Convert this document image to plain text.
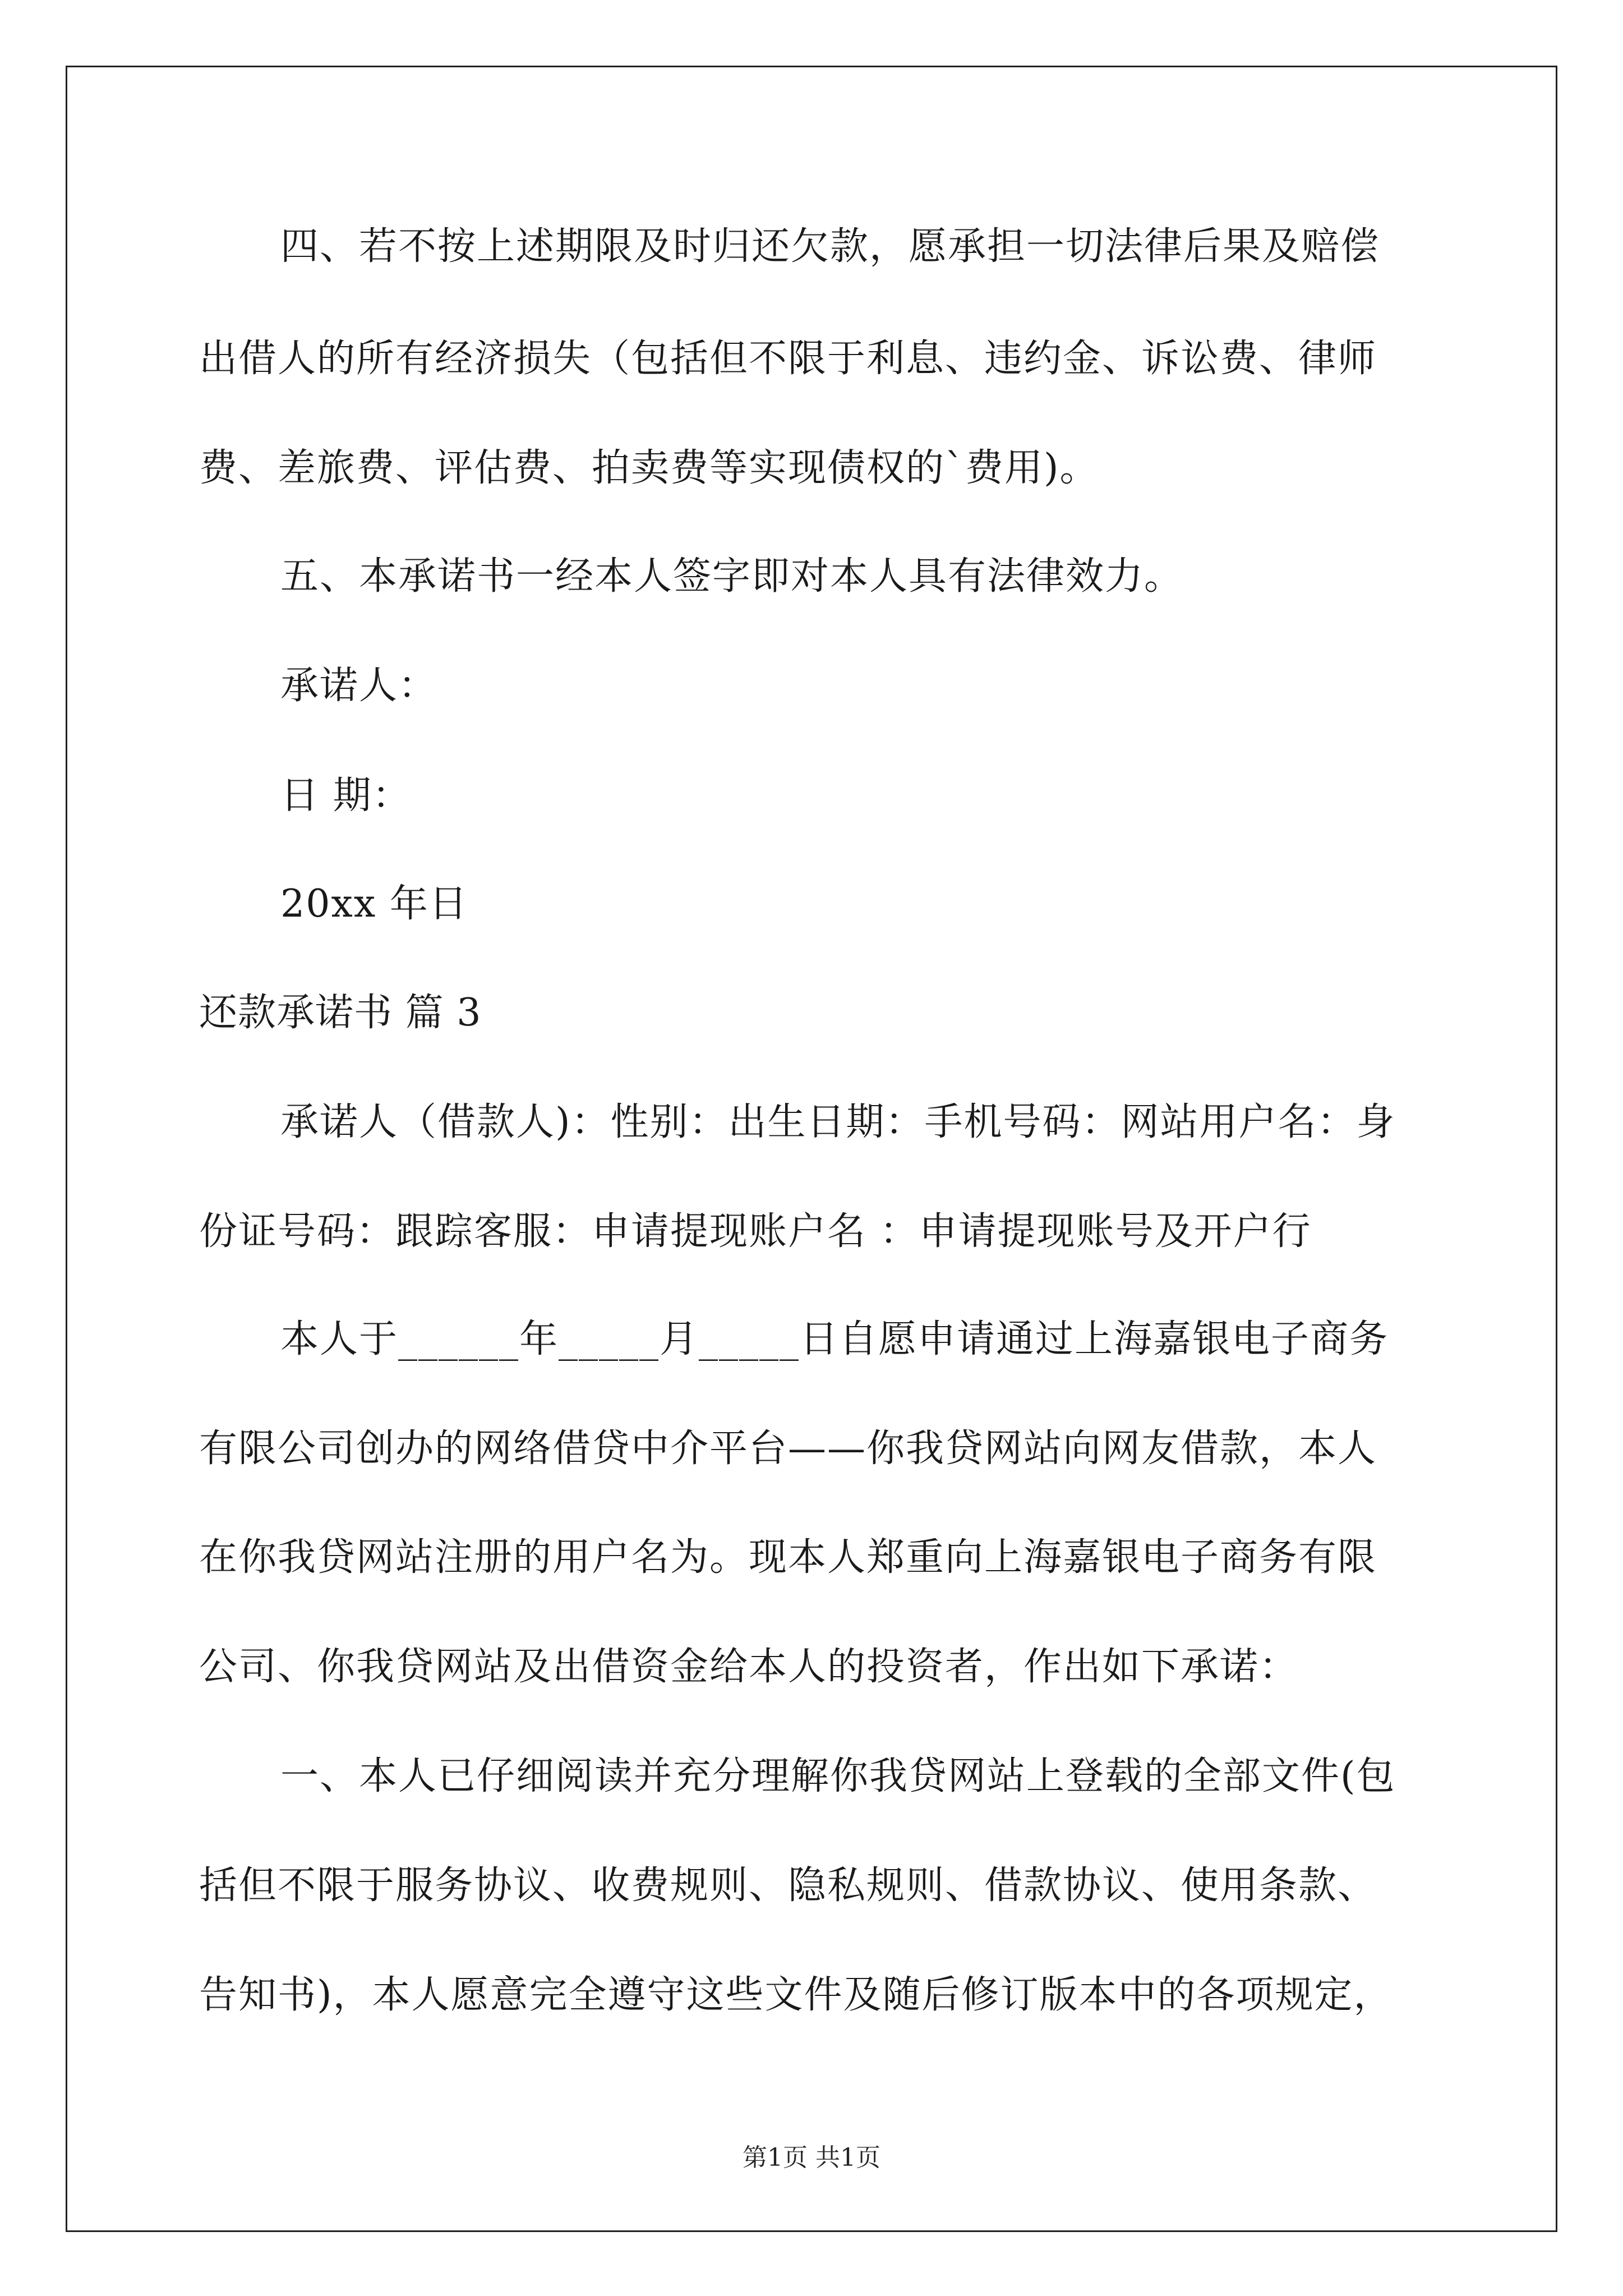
四、若不按上述期限及时归还欠款，愿承担一切法律后果及赔偿
出借人的所有经济损失（包括但不限于利息、违约金、诉讼费、律师
费、差旅费、评估费、拍卖费等实现债权的`费用)。
五、本承诺书一经本人签字即对本人具有法律效力。
承诺人：
日 期：
20xx 年日
还款承诺书 篇 3
承诺人（借款人)：性别：出生日期：手机号码：网站用户名：身
份证号码：跟踪客服：申请提现账户名 ：申请提现账号及开户行
本人于______年_____月_____日自愿申请通过上海嘉银电子商务
有限公司创办的网络借贷中介平台——你我贷网站向网友借款，本人
在你我贷网站注册的用户名为。现本人郑重向上海嘉银电子商务有限
公司、你我贷网站及出借资金给本人的投资者，作出如下承诺：
一、本人已仔细阅读并充分理解你我贷网站上登载的全部文件(包
括但不限于服务协议、收费规则、隐私规则、借款协议、使用条款、
告知书)，本人愿意完全遵守这些文件及随后修订版本中的各项规定，
第1页 共1页
